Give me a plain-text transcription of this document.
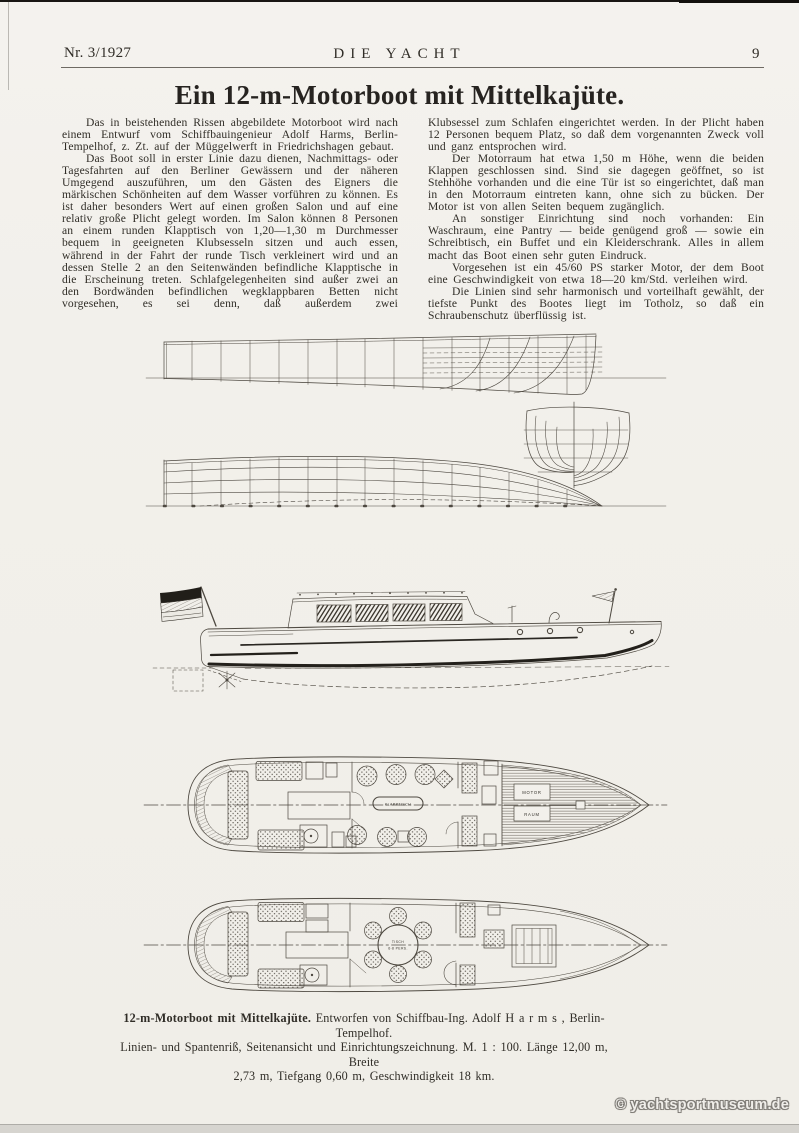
Nr. 3/1927	DIE YACHT	9
Ein 12-m-Motorboot mit Mittelkajüte.

Das in beistehenden Rissen abgebildete Motorboot wird nach einem Entwurf vom Schiffbauingenieur Adolf Harms, Berlin-Tempelhof, z. Zt. auf der Müggelwerft in Friedrichshagen gebaut.

Das Boot soll in erster Linie dazu dienen, Nachmittags- oder Tagesfahrten auf den Berliner Gewässern und der näheren Umgegend auszuführen, um den Gästen des Eigners die märkischen Schönheiten auf dem Wasser vorführen zu können. Es ist daher besonders Wert auf einen großen Salon und auf eine relativ große Plicht gelegt worden. Im Salon können 8 Personen an einem runden Klapptisch von 1,20—1,30 m Durchmesser bequem in geeigneten Klubsesseln sitzen und auch essen, während in der Fahrt der runde Tisch verkleinert wird und an dessen Stelle 2 an den Seitenwänden befindliche Klapptische in die Erscheinung treten. Schlafgelegenheiten sind außer zwei an den Bordwänden befindlichen wegklappbaren Betten nicht vorgesehen, es sei denn, daß außerdem zwei

Klubsessel zum Schlafen eingerichtet werden. In der Plicht haben 12 Personen bequem Platz, so daß dem vorgenannten Zweck voll und ganz entsprochen wird.

Der Motorraum hat etwa 1,50 m Höhe, wenn die beiden Klappen geschlossen sind. Sind sie dagegen geöffnet, so ist Stehhöhe vorhanden und die eine Tür ist so eingerichtet, daß man in den Motorraum eintreten kann, ohne sich zu bücken. Der Motor ist von allen Seiten bequem zugänglich.

An sonstiger Einrichtung sind noch vorhanden: Ein Waschraum, eine Pantry — beide genügend groß — sowie ein Schreibtisch, ein Buffet und ein Kleiderschrank. Alles in allem macht das Boot einen sehr guten Eindruck.

Vorgesehen ist ein 45/60 PS starker Motor, der dem Boot eine Geschwindigkeit von etwa 18—20 km/Std. verleihen wird.

Die Linien sind sehr harmonisch und vorteilhaft gewählt, der tiefste Punkt des Bootes liegt im Totholz, so daß ein Schraubenschutz überflüssig ist.

KLAPPTISCH
MOTOR
RAUM
TISCH
6-8 PERS.
12-m-Motorboot mit Mittelkajüte. Entworfen von Schiffbau-Ing. Adolf H a r m s , Berlin-Tempelhof.
Linien- und Spantenriß, Seitenansicht und Einrichtungszeichnung. M. 1 : 100. Länge 12,00 m, Breite
2,73 m, Tiefgang 0,60 m, Geschwindigkeit 18 km.
© yachtsportmuseum.de
